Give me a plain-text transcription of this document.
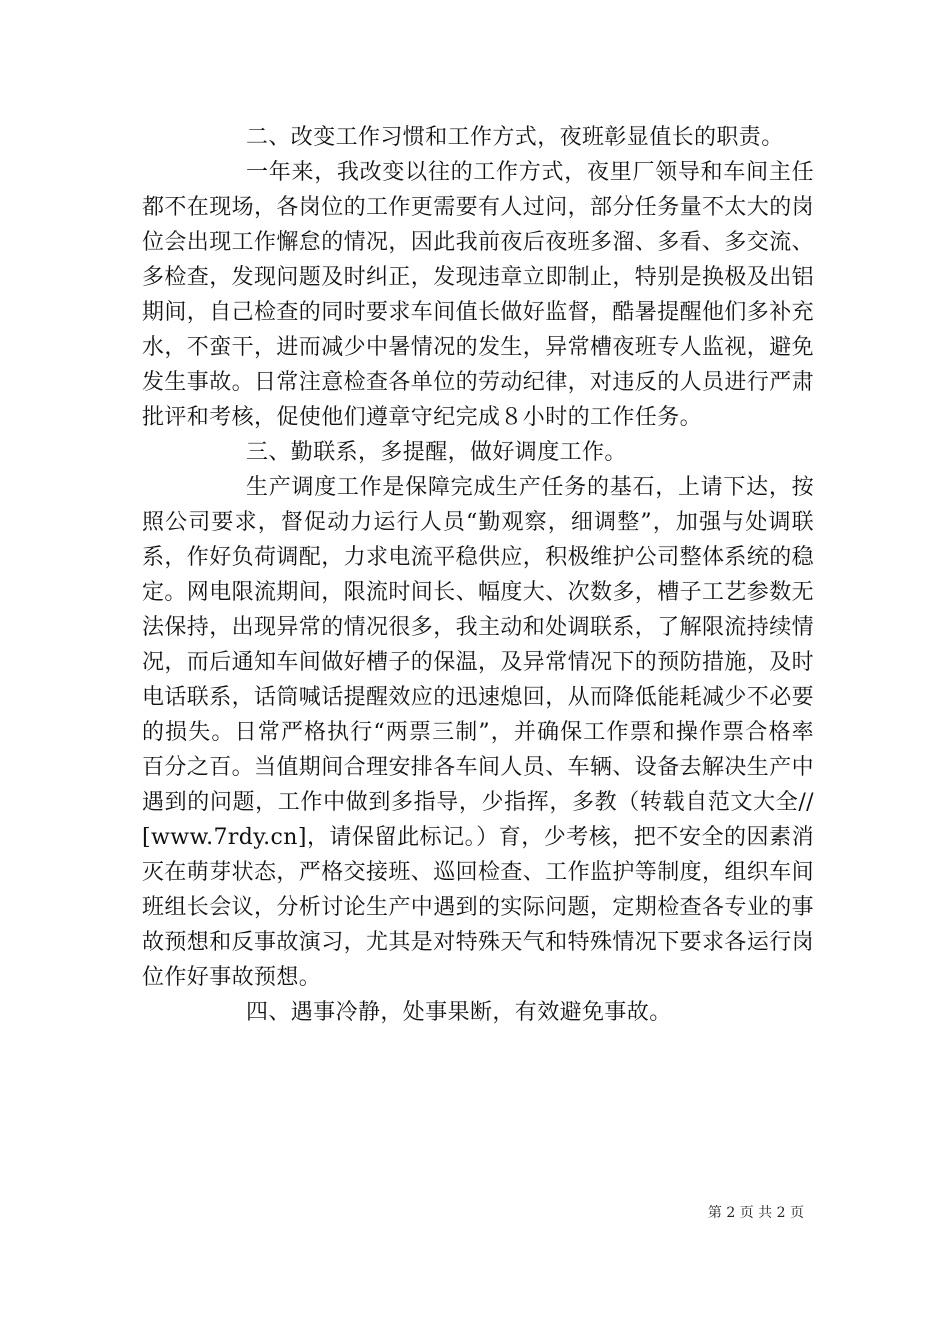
二、改变工作习惯和工作方式，夜班彰显值长的职责。

一年来，我改变以往的工作方式，夜里厂领导和车间主任都不在现场，各岗位的工作更需要有人过问，部分任务量不太大的岗位会出现工作懈怠的情况，因此我前夜后夜班多溜、多看、多交流、多检查，发现问题及时纠正，发现违章立即制止，特别是换极及出铝期间，自己检查的同时要求车间值长做好监督，酷暑提醒他们多补充水，不蛮干，进而减少中暑情况的发生，异常槽夜班专人监视，避免发生事故。日常注意检查各单位的劳动纪律，对违反的人员进行严肃批评和考核，促使他们遵章守纪完成８小时的工作任务。

三、勤联系，多提醒，做好调度工作。

生产调度工作是保障完成生产任务的基石，上请下达，按照公司要求，督促动力运行人员“勤观察，细调整”，加强与处调联系，作好负荷调配，力求电流平稳供应，积极维护公司整体系统的稳定。网电限流期间，限流时间长、幅度大、次数多，槽子工艺参数无法保持，出现异常的情况很多，我主动和处调联系，了解限流持续情况，而后通知车间做好槽子的保温，及异常情况下的预防措施，及时电话联系，话筒喊话提醒效应的迅速熄回，从而降低能耗减少不必要的损失。日常严格执行“两票三制”，并确保工作票和操作票合格率百分之百。当值期间合理安排各车间人员、车辆、设备去解决生产中遇到的问题，工作中做到多指导，少指挥，多教（转载自范文大全//[www.7rdy.cn]，请保留此标记。）育，少考核，把不安全的因素消灭在萌芽状态，严格交接班、巡回检查、工作监护等制度，组织车间班组长会议，分析讨论生产中遇到的实际问题，定期检查各专业的事故预想和反事故演习，尤其是对特殊天气和特殊情况下要求各运行岗位作好事故预想。

四、遇事冷静，处事果断，有效避免事故。

第 2 页 共 2 页
